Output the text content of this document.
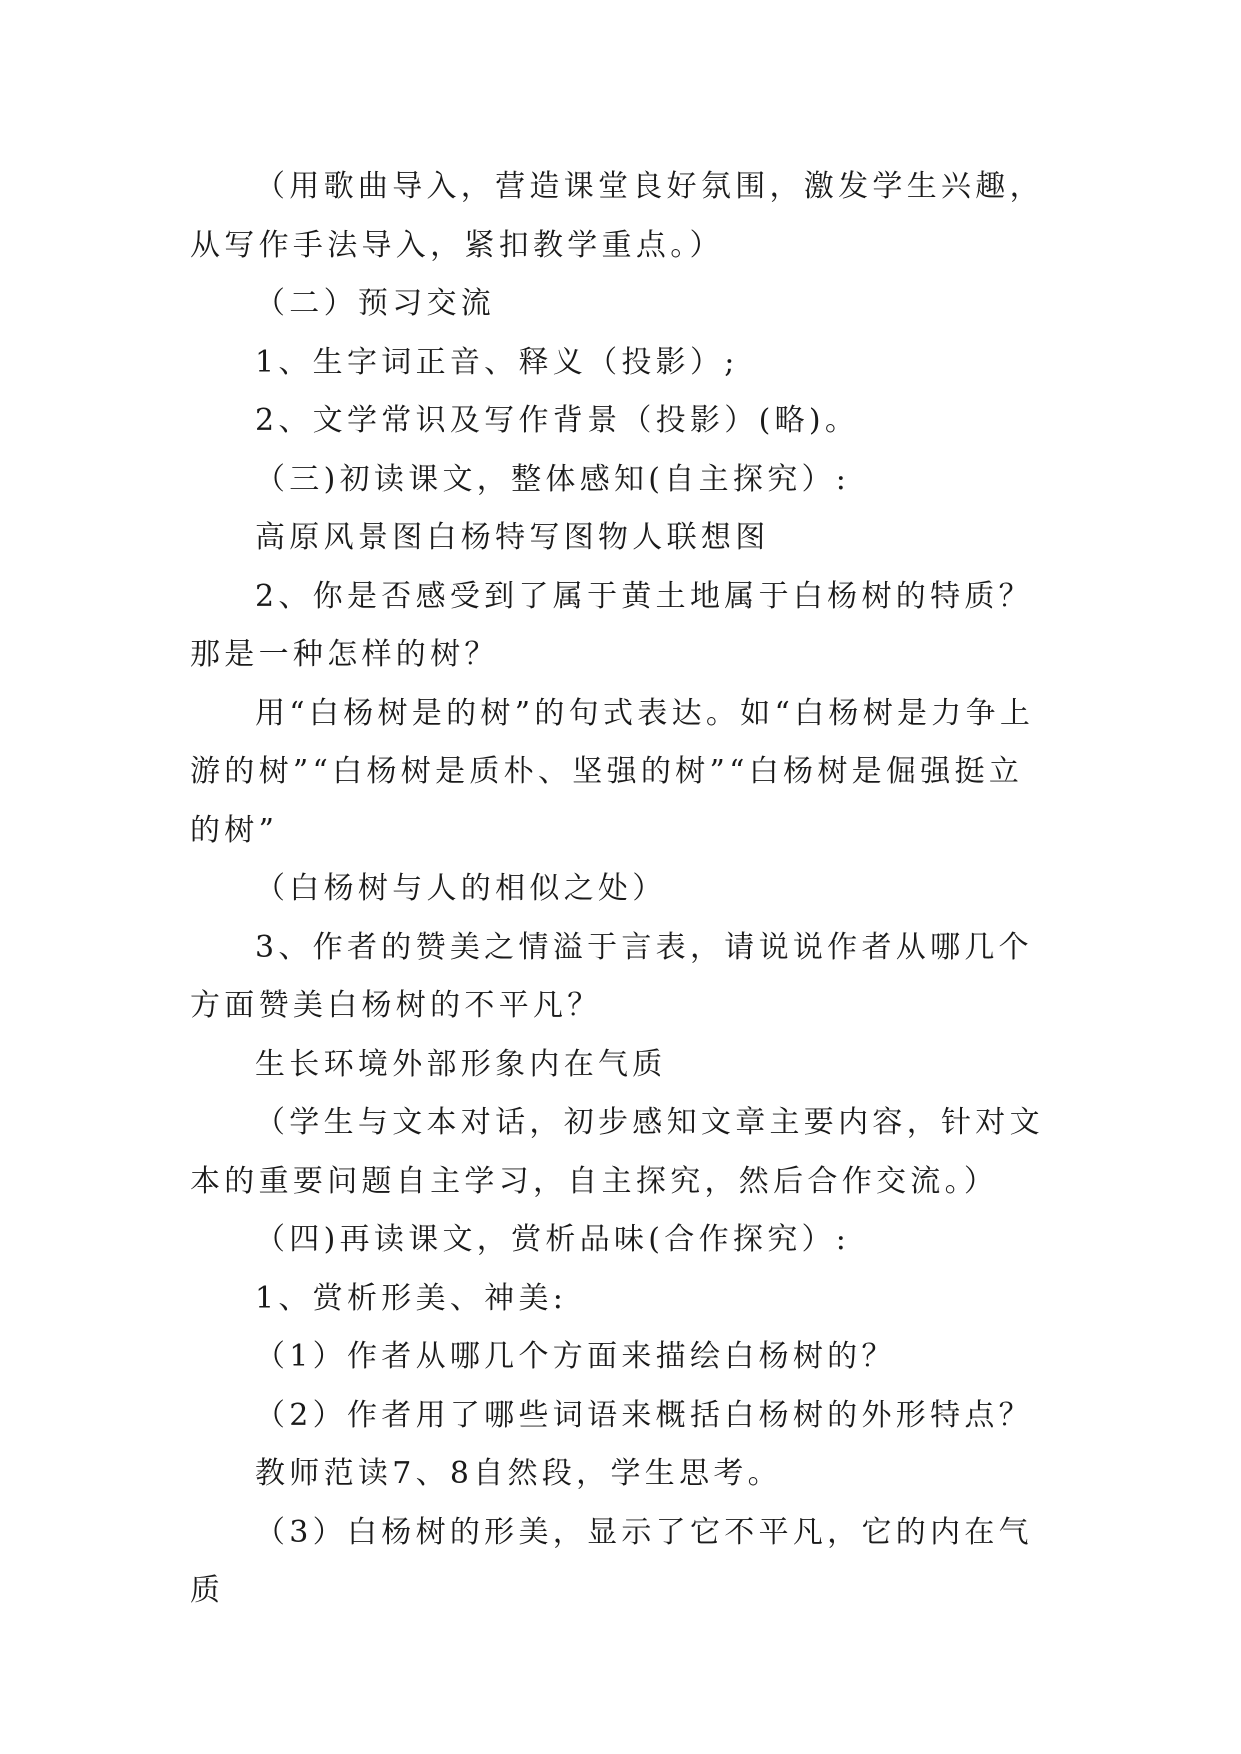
（用歌曲导入，营造课堂良好氛围，激发学生兴趣，从写作手法导入，紧扣教学重点。）

（二）预习交流

1、生字词正音、释义（投影）;

2、文学常识及写作背景（投影）(略)。

（三)初读课文，整体感知(自主探究）:

高原风景图白杨特写图物人联想图

2、你是否感受到了属于黄土地属于白杨树的特质？那是一种怎样的树？

用“白杨树是的树”的句式表达。如“白杨树是力争上游的树”“白杨树是质朴、坚强的树”“白杨树是倔强挺立的树”

（白杨树与人的相似之处）

3、作者的赞美之情溢于言表，请说说作者从哪几个方面赞美白杨树的不平凡？

生长环境外部形象内在气质

（学生与文本对话，初步感知文章主要内容，针对文本的重要问题自主学习，自主探究，然后合作交流。）

（四)再读课文，赏析品味(合作探究）:

1、赏析形美、神美:

（1）作者从哪几个方面来描绘白杨树的？

（2）作者用了哪些词语来概括白杨树的外形特点？

教师范读7、8自然段，学生思考。

（3）白杨树的形美，显示了它不平凡，它的内在气质
